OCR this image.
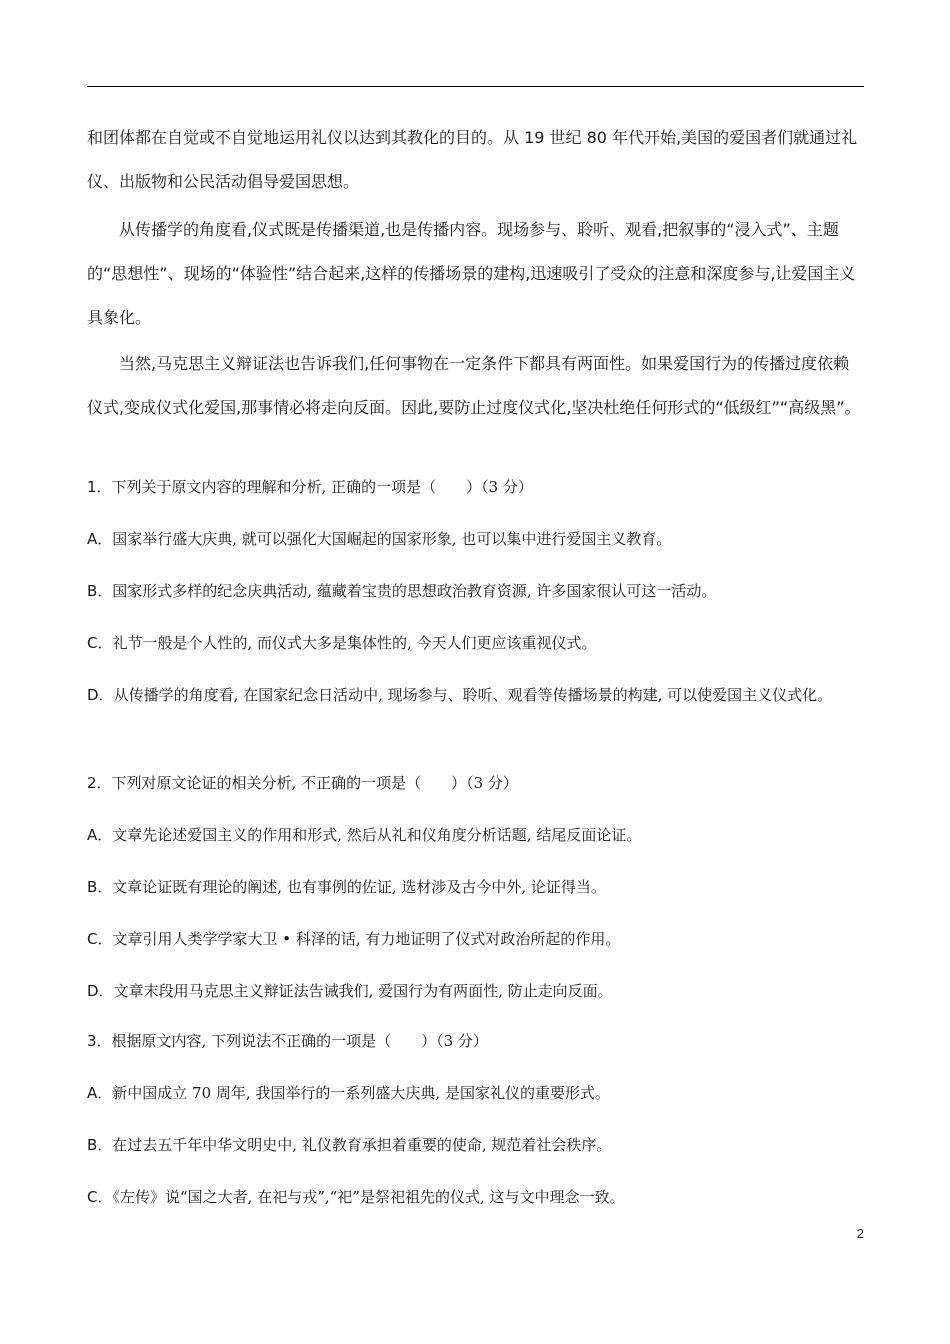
和团体都在自觉或不自觉地运用礼仪以达到其教化的目的。从 19 世纪 80 年代开始,美国的爱国者们就通过礼仪、出版物和公民活动倡导爱国思想。

从传播学的角度看,仪式既是传播渠道,也是传播内容。现场参与、聆听、观看,把叙事的“浸入式”、主题的“思想性”、现场的“体验性”结合起来,这样的传播场景的建构,迅速吸引了受众的注意和深度参与,让爱国主义具象化。

当然,马克思主义辩证法也告诉我们,任何事物在一定条件下都具有两面性。如果爱国行为的传播过度依赖仪式,变成仪式化爱国,那事情必将走向反面。因此,要防止过度仪式化,坚决杜绝任何形式的“低级红”“高级黑”。

1．下列关于原文内容的理解和分析, 正确的一项是（　　）（3 分）

A．国家举行盛大庆典, 就可以强化大国崛起的国家形象, 也可以集中进行爱国主义教育。

B．国家形式多样的纪念庆典活动, 蕴藏着宝贵的思想政治教育资源, 许多国家很认可这一活动。

C．礼节一般是个人性的, 而仪式大多是集体性的, 今天人们更应该重视仪式。

D．从传播学的角度看, 在国家纪念日活动中, 现场参与、聆听、观看等传播场景的构建, 可以使爱国主义仪式化。

2．下列对原文论证的相关分析, 不正确的一项是（　　）（3 分）

A．文章先论述爱国主义的作用和形式, 然后从礼和仪角度分析话题, 结尾反面论证。

B．文章论证既有理论的阐述, 也有事例的佐证, 选材涉及古今中外, 论证得当。

C．文章引用人类学学家大卫 • 科泽的话, 有力地证明了仪式对政治所起的作用。

D．文章末段用马克思主义辩证法告诫我们, 爱国行为有两面性, 防止走向反面。

3．根据原文内容, 下列说法不正确的一项是（　　）（3 分）

A．新中国成立 70 周年, 我国举行的一系列盛大庆典, 是国家礼仪的重要形式。

B．在过去五千年中华文明史中, 礼仪教育承担着重要的使命, 规范着社会秩序。

C．《左传》说“国之大者, 在祀与戎”,“祀”是祭祀祖先的仪式, 这与文中理念一致。

2
